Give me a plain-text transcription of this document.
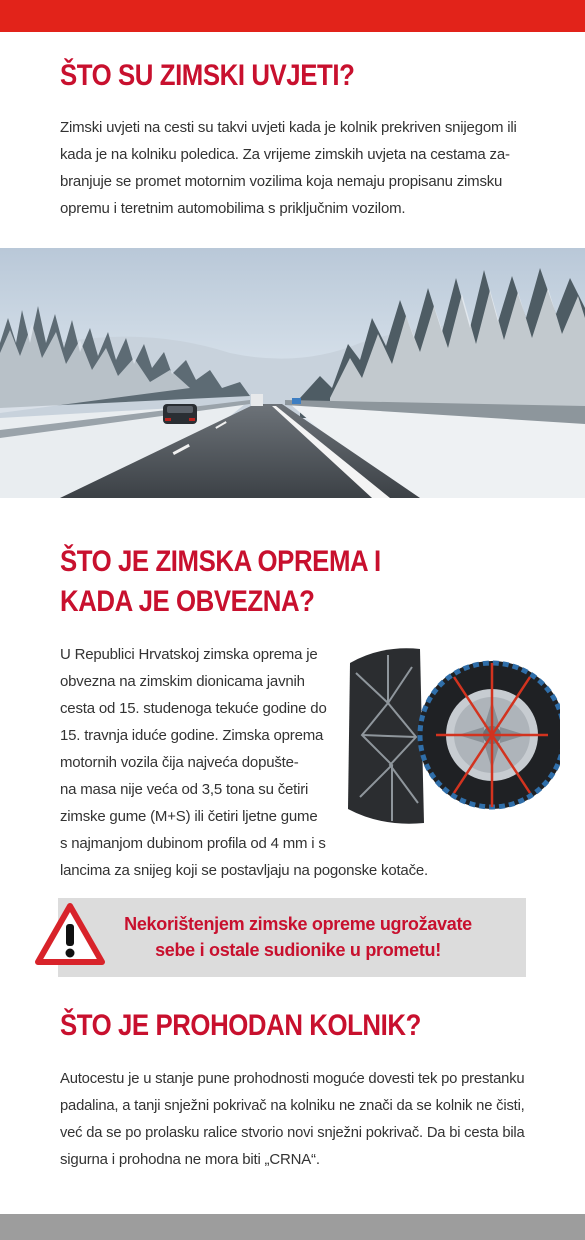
ŠTO SU ZIMSKI UVJETI?

Zimski uvjeti na cesti su takvi uvjeti kada je kolnik prekriven snijegom ili

kada je na kolniku poledica. Za vrijeme zimskih uvjeta na cestama za-

branjuje se promet motornim vozilima koja nemaju propisanu zimsku

opremu i teretnim automobilima s priključnim vozilom.

ŠTO JE ZIMSKA OPREMA I
KADA JE OBVEZNA?

U Republici Hrvatskoj zimska oprema je

obvezna na zimskim dionicama javnih

cesta od 15. studenoga tekuće godine do

15. travnja iduće godine. Zimska oprema

motornih vozila čija najveća dopušte-

na masa nije veća od 3,5 tona su četiri

zimske gume (M+S) ili četiri ljetne gume

s najmanjom dubinom profila od 4 mm i s

lancima za snijeg koji se postavljaju na pogonske kotače.

Nekorištenjem zimske opreme ugrožavate
sebe i ostale sudionike u prometu!
ŠTO JE PROHODAN KOLNIK?

Autocestu je u stanje pune prohodnosti moguće dovesti tek po prestanku

padalina, a tanji snježni pokrivač na kolniku ne znači da se kolnik ne čisti,

već da se po prolasku ralice stvorio novi snježni pokrivač. Da bi cesta bila

sigurna i prohodna ne mora biti „CRNA“.
